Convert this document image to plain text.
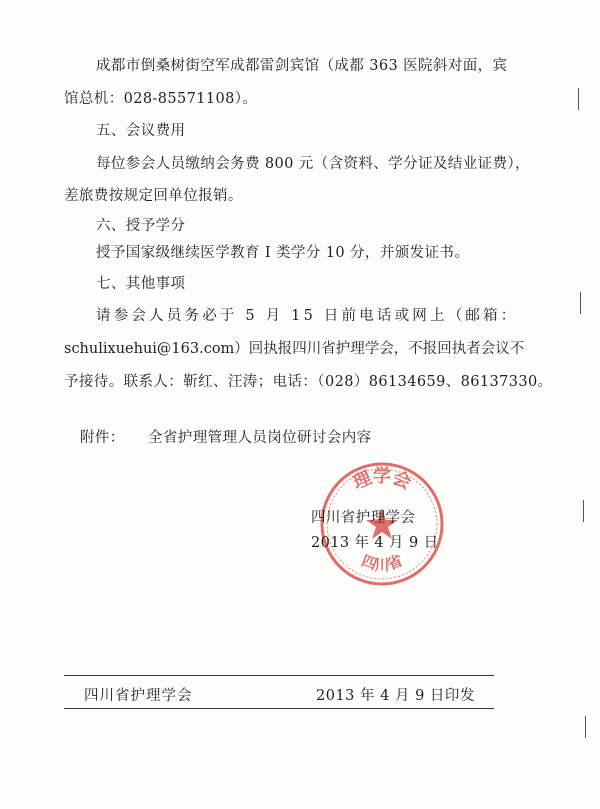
成都市倒桑树街空军成都雷剑宾馆（成都 363 医院斜对面，宾
馆总机：028-85571108）。
五、会议费用
每位参会人员缴纳会务费 800 元（含资料、学分证及结业证费），
差旅费按规定回单位报销。
六、授予学分
授予国家级继续医学教育 I 类学分 10 分，并颁发证书。
七、其他事项
请参会人员务必于 5 月 15 日前电话或网上（邮箱：
schulixuehui@163.com）回执报四川省护理学会，不报回执者会议不
予接待。联系人：靳红、汪涛；电话：（028）86134659、86137330。
附件： 全省护理管理人员岗位研讨会内容
理学会
四川省
四川省护理学会
2013 年 4 月 9 日
四川省护理学会	2013 年 4 月 9 日印发
